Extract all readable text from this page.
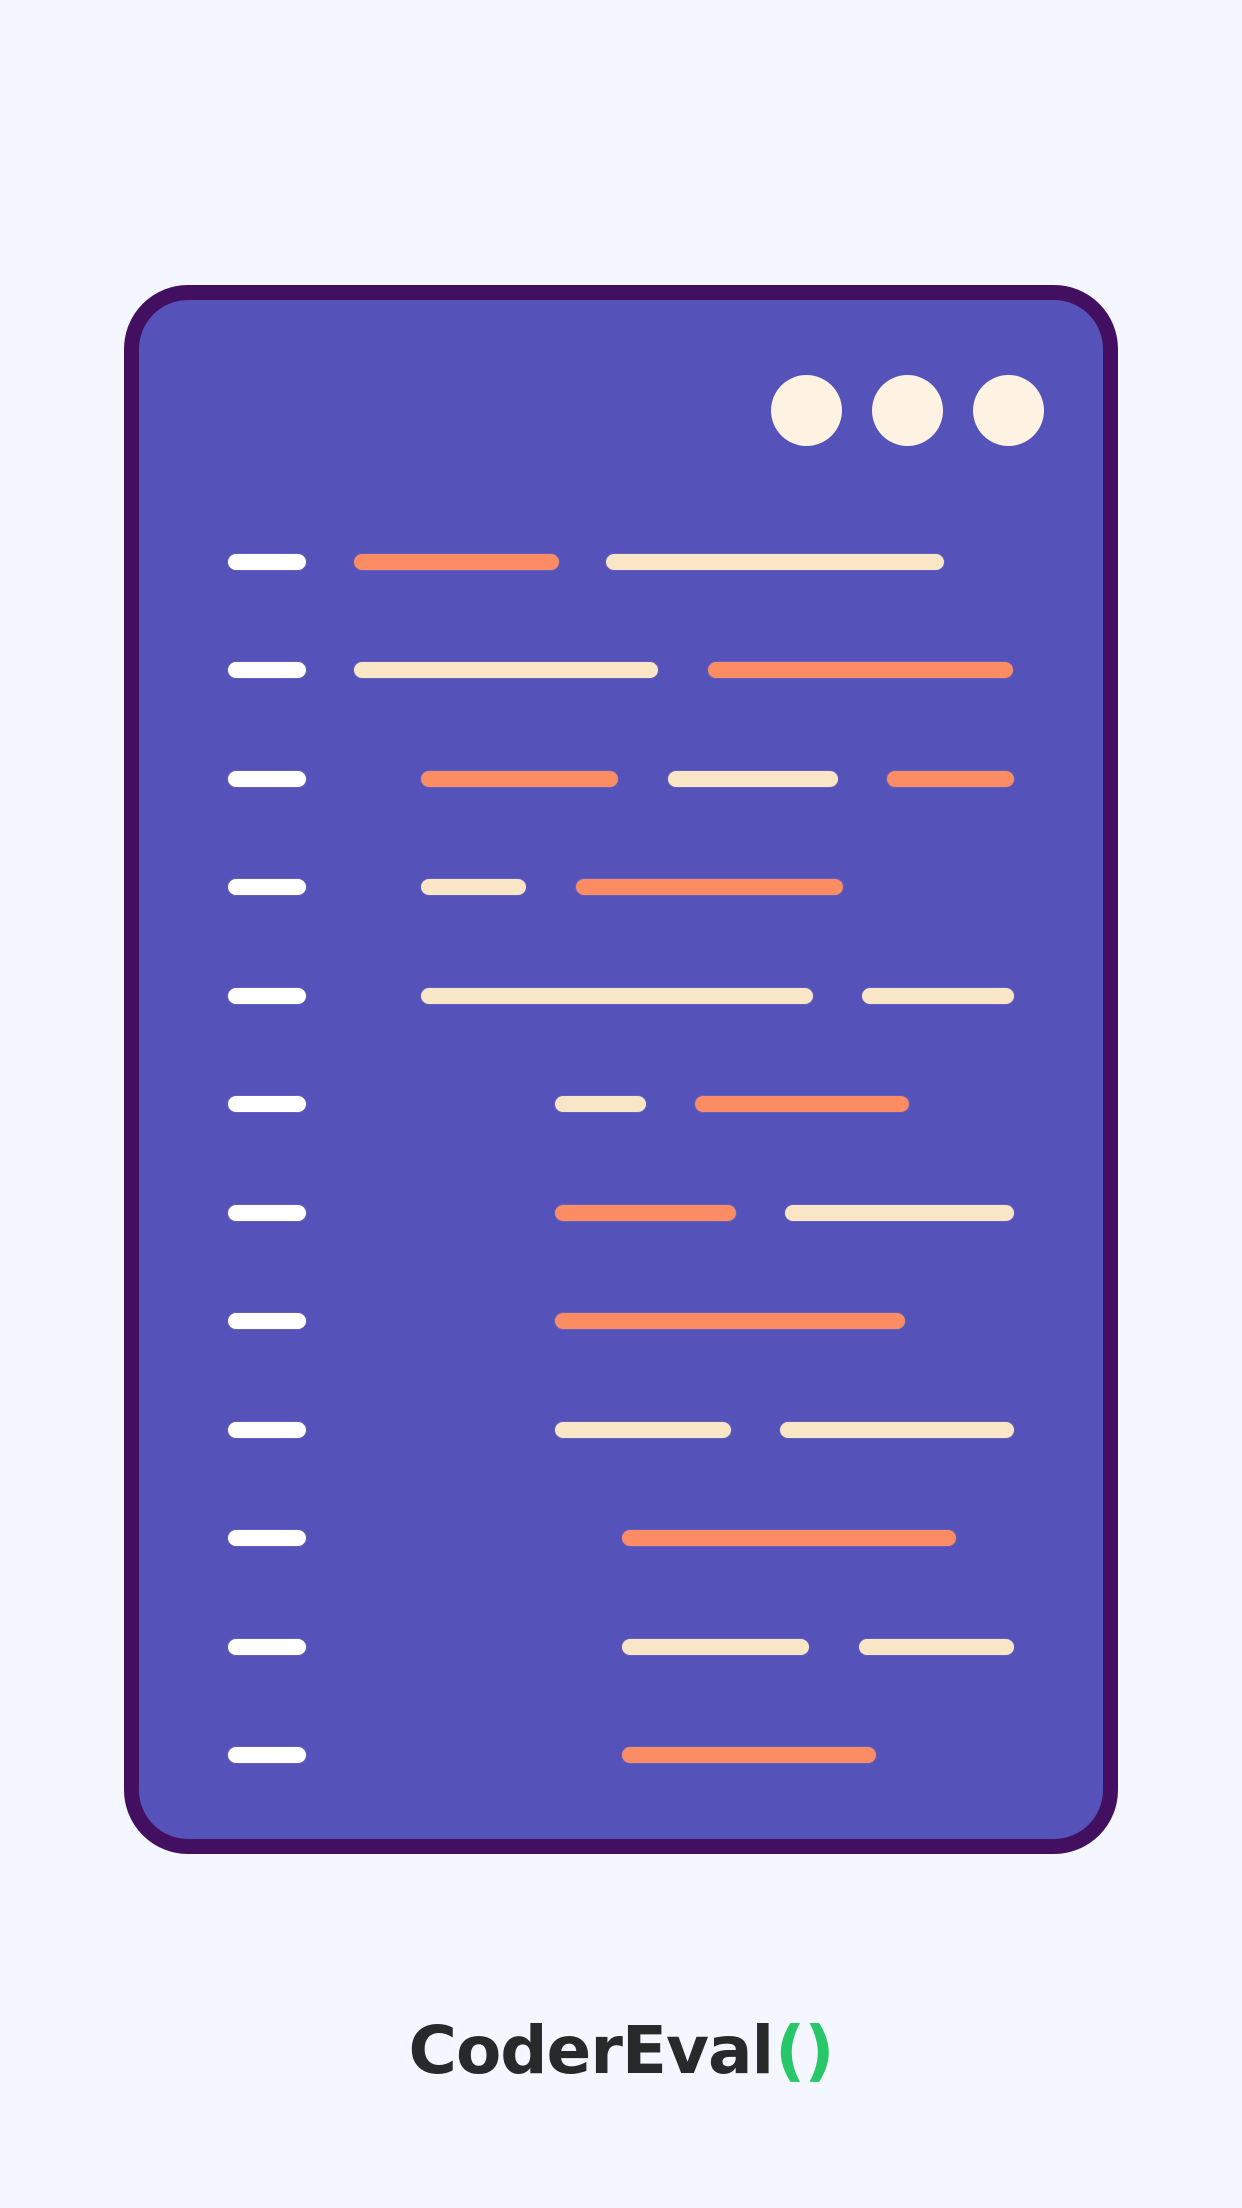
CoderEval()
